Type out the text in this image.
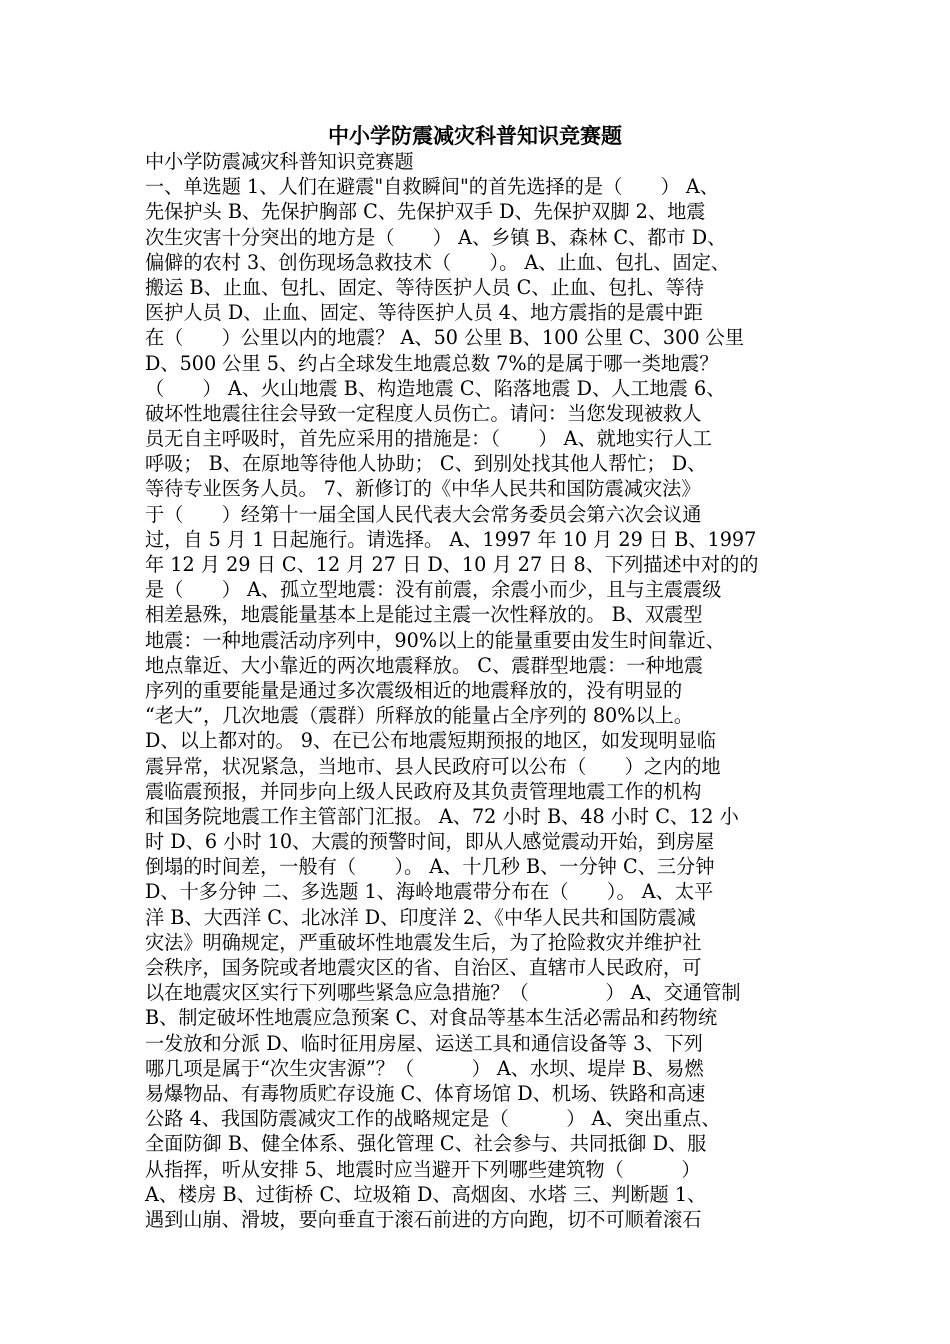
中小学防震减灾科普知识竞赛题
中小学防震减灾科普知识竞赛题
一、单选题 1、人们在避震"自救瞬间"的首先选择的是（　　） A、
先保护头 B、先保护胸部 C、先保护双手 D、先保护双脚 2、地震
次生灾害十分突出的地方是（　　） A、乡镇 B、森林 C、都市 D、
偏僻的农村 3、创伤现场急救技术（　　）。 A、止血、包扎、固定、
搬运 B、止血、包扎、固定、等待医护人员 C、止血、包扎、等待
医护人员 D、止血、固定、等待医护人员 4、地方震指的是震中距
在（　　）公里以内的地震？ A、50 公里 B、100 公里 C、300 公里
D、500 公里 5、约占全球发生地震总数 7%的是属于哪一类地震？
（　　） A、火山地震 B、构造地震 C、陷落地震 D、人工地震 6、
破坏性地震往往会导致一定程度人员伤亡。请问：当您发现被救人
员无自主呼吸时，首先应采用的措施是：（　　） A、就地实行人工
呼吸； B、在原地等待他人协助； C、到别处找其他人帮忙； D、
等待专业医务人员。 7、新修订的《中华人民共和国防震减灾法》
于（　　）经第十一届全国人民代表大会常务委员会第六次会议通
过，自 5 月 1 日起施行。请选择。 A、1997 年 10 月 29 日 B、1997
年 12 月 29 日 C、12 月 27 日 D、10 月 27 日 8、下列描述中对的的
是（　　） A、孤立型地震：没有前震，余震小而少，且与主震震级
相差悬殊，地震能量基本上是能过主震一次性释放的。 B、双震型
地震：一种地震活动序列中，90%以上的能量重要由发生时间靠近、
地点靠近、大小靠近的两次地震释放。 C、震群型地震：一种地震
序列的重要能量是通过多次震级相近的地震释放的，没有明显的
“老大”，几次地震（震群）所释放的能量占全序列的 80%以上。
D、以上都对的。 9、在已公布地震短期预报的地区，如发现明显临
震异常，状况紧急，当地市、县人民政府可以公布（　　）之内的地
震临震预报，并同步向上级人民政府及其负责管理地震工作的机构
和国务院地震工作主管部门汇报。 A、72 小时 B、48 小时 C、12 小
时 D、6 小时 10、大震的预警时间，即从人感觉震动开始，到房屋
倒塌的时间差，一般有（　　）。 A、十几秒 B、一分钟 C、三分钟
D、十多分钟 二、多选题 1、海岭地震带分布在（　　）。 A、太平
洋 B、大西洋 C、北冰洋 D、印度洋 2、《中华人民共和国防震减
灾法》明确规定，严重破坏性地震发生后，为了抢险救灾并维护社
会秩序，国务院或者地震灾区的省、自治区、直辖市人民政府，可
以在地震灾区实行下列哪些紧急应急措施？（　　　　） A、交通管制
B、制定破坏性地震应急预案 C、对食品等基本生活必需品和药物统
一发放和分派 D、临时征用房屋、运送工具和通信设备等 3、下列
哪几项是属于“次生灾害源”？（　　　） A、水坝、堤岸 B、易燃
易爆物品、有毒物质贮存设施 C、体育场馆 D、机场、铁路和高速
公路 4、我国防震减灾工作的战略规定是（　　　） A、突出重点、
全面防御 B、健全体系、强化管理 C、社会参与、共同抵御 D、服
从指挥，听从安排 5、地震时应当避开下列哪些建筑物（　　　）
A、楼房 B、过街桥 C、垃圾箱 D、高烟囱、水塔 三、判断题 1、
遇到山崩、滑坡，要向垂直于滚石前进的方向跑，切不可顺着滚石
